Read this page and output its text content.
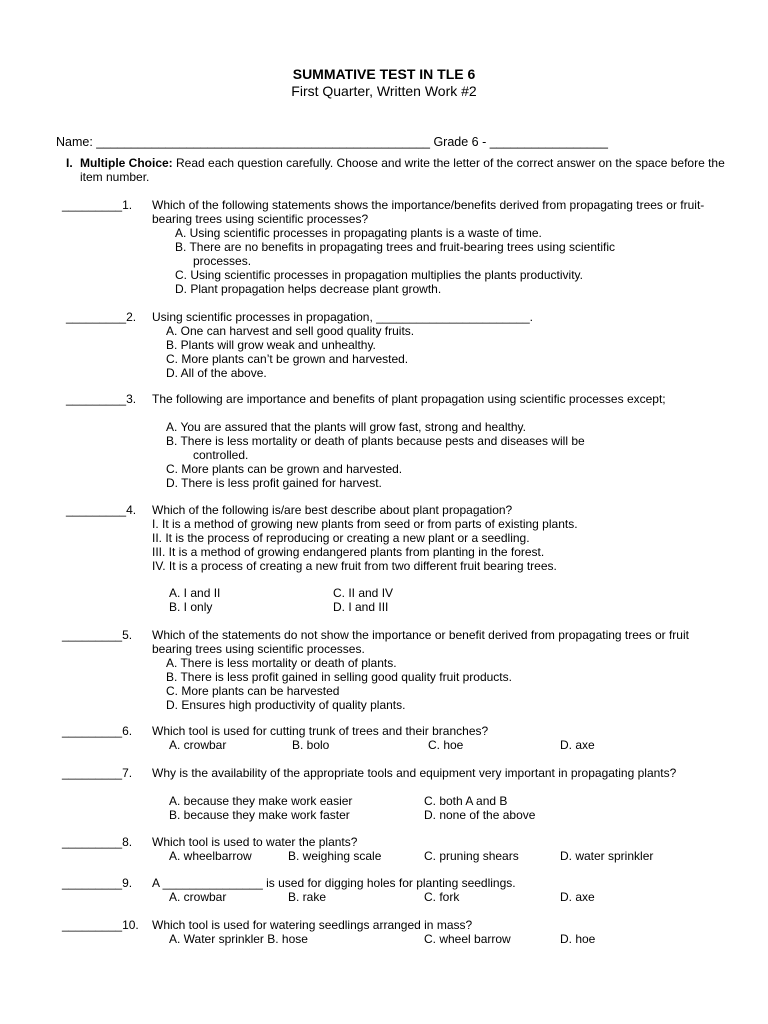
SUMMATIVE TEST IN TLE 6
First Quarter, Written Work #2
Name: ________________________________________________ Grade 6 - _________________
I. Multiple Choice: Read each question carefully. Choose and write the letter of the correct answer on the space before the item number.
_________1. Which of the following statements shows the importance/benefits derived from propagating trees or fruit-bearing trees using scientific processes?
A. Using scientific processes in propagating plants is a waste of time.
B. There are no benefits in propagating trees and fruit-bearing trees using scientific
processes.
C. Using scientific processes in propagation multiplies the plants productivity.
D. Plant propagation helps decrease plant growth.
_________2. Using scientific processes in propagation, _______________________.
A. One can harvest and sell good quality fruits.
B. Plants will grow weak and unhealthy.
C. More plants can’t be grown and harvested.
D. All of the above.
_________3. The following are importance and benefits of plant propagation using scientific processes except;
A. You are assured that the plants will grow fast, strong and healthy.
B. There is less mortality or death of plants because pests and diseases will be
controlled.
C. More plants can be grown and harvested.
D. There is less profit gained for harvest.
_________4. Which of the following is/are best describe about plant propagation?
I. It is a method of growing new plants from seed or from parts of existing plants.
II. It is the process of reproducing or creating a new plant or a seedling.
III. It is a method of growing endangered plants from planting in the forest.
IV. It is a process of creating a new fruit from two different fruit bearing trees.
A. I and II	C. II and IV
B. I only	D. I and III
_________5. Which of the statements do not show the importance or benefit derived from propagating trees or fruit bearing trees using scientific processes.
A. There is less mortality or death of plants.
B. There is less profit gained in selling good quality fruit products.
C. More plants can be harvested
D. Ensures high productivity of quality plants.
_________6. Which tool is used for cutting trunk of trees and their branches?
A. crowbar	B. bolo	C. hoe	D. axe
_________7. Why is the availability of the appropriate tools and equipment very important in propagating plants?
A. because they make work easier	C. both A and B
B. because they make work faster	D. none of the above
_________8. Which tool is used to water the plants?
A. wheelbarrow	B. weighing scale	C. pruning shears	D. water sprinkler
_________9. A _______________ is used for digging holes for planting seedlings.
A. crowbar	B. rake	C. fork	D. axe
_________10. Which tool is used for watering seedlings arranged in mass?
A. Water sprinkler B. hose	C. wheel barrow	D. hoe
